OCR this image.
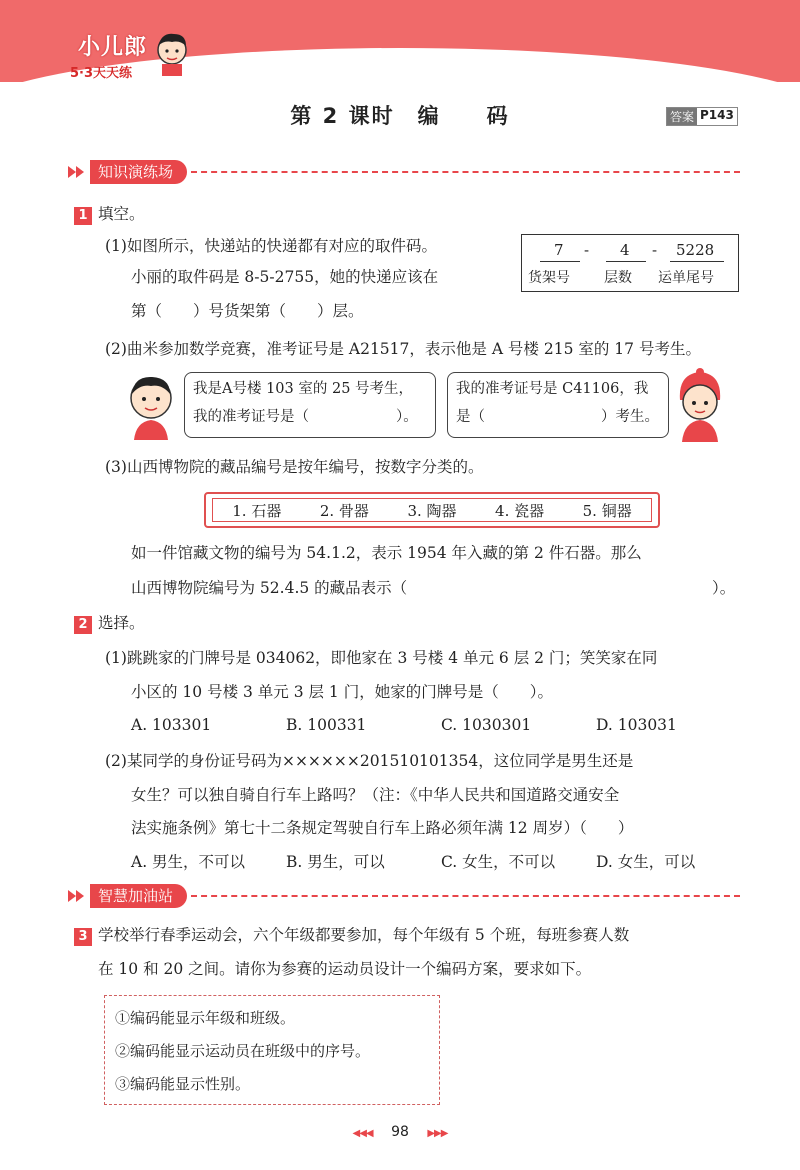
小儿郎
5·3天天练
第 2 课时　编　　码	答案 P143
知识演练场
1 填空。
(1)如图所示，快递站的快递都有对应的取件码。
小丽的取件码是 8-5-2755，她的快递应该在
第（　　）号货架第（　　）层。
7 - 4 - 5228
货架号 层数 运单尾号
(2)曲米参加数学竞赛，准考证号是 A21517，表示他是 A 号楼 215 室的 17 号考生。
我是A号楼 103 室的 25 号考生，
我的准考证号是（　　　　　　）。
我的准考证号是 C41106，我
是（　　　　　　　　）考生。
(3)山西博物院的藏品编号是按年编号，按数字分类的。
1. 石器	2. 骨器	3. 陶器	4. 瓷器	5. 铜器
如一件馆藏文物的编号为 54.1.2，表示 1954 年入藏的第 2 件石器。那么
山西博物院编号为 52.4.5 的藏品表示（	）。
2 选择。
(1)跳跳家的门牌号是 034062，即他家在 3 号楼 4 单元 6 层 2 门；笑笑家在同
小区的 10 号楼 3 单元 3 层 1 门，她家的门牌号是（　　）。
A. 103301	B. 100331	C. 1030301	D. 103031
(2)某同学的身份证号码为××××××201510101354，这位同学是男生还是
女生？可以独自骑自行车上路吗？（注：《中华人民共和国道路交通安全
法实施条例》第七十二条规定驾驶自行车上路必须年满 12 周岁）（　　）
A. 男生，不可以	B. 男生，可以	C. 女生，不可以	D. 女生，可以
智慧加油站
3 学校举行春季运动会，六个年级都要参加，每个年级有 5 个班，每班参赛人数
在 10 和 20 之间。请你为参赛的运动员设计一个编码方案，要求如下。
①编码能显示年级和班级。
②编码能显示运动员在班级中的序号。
③编码能显示性别。
◀◀◀ 98 ▶▶▶
